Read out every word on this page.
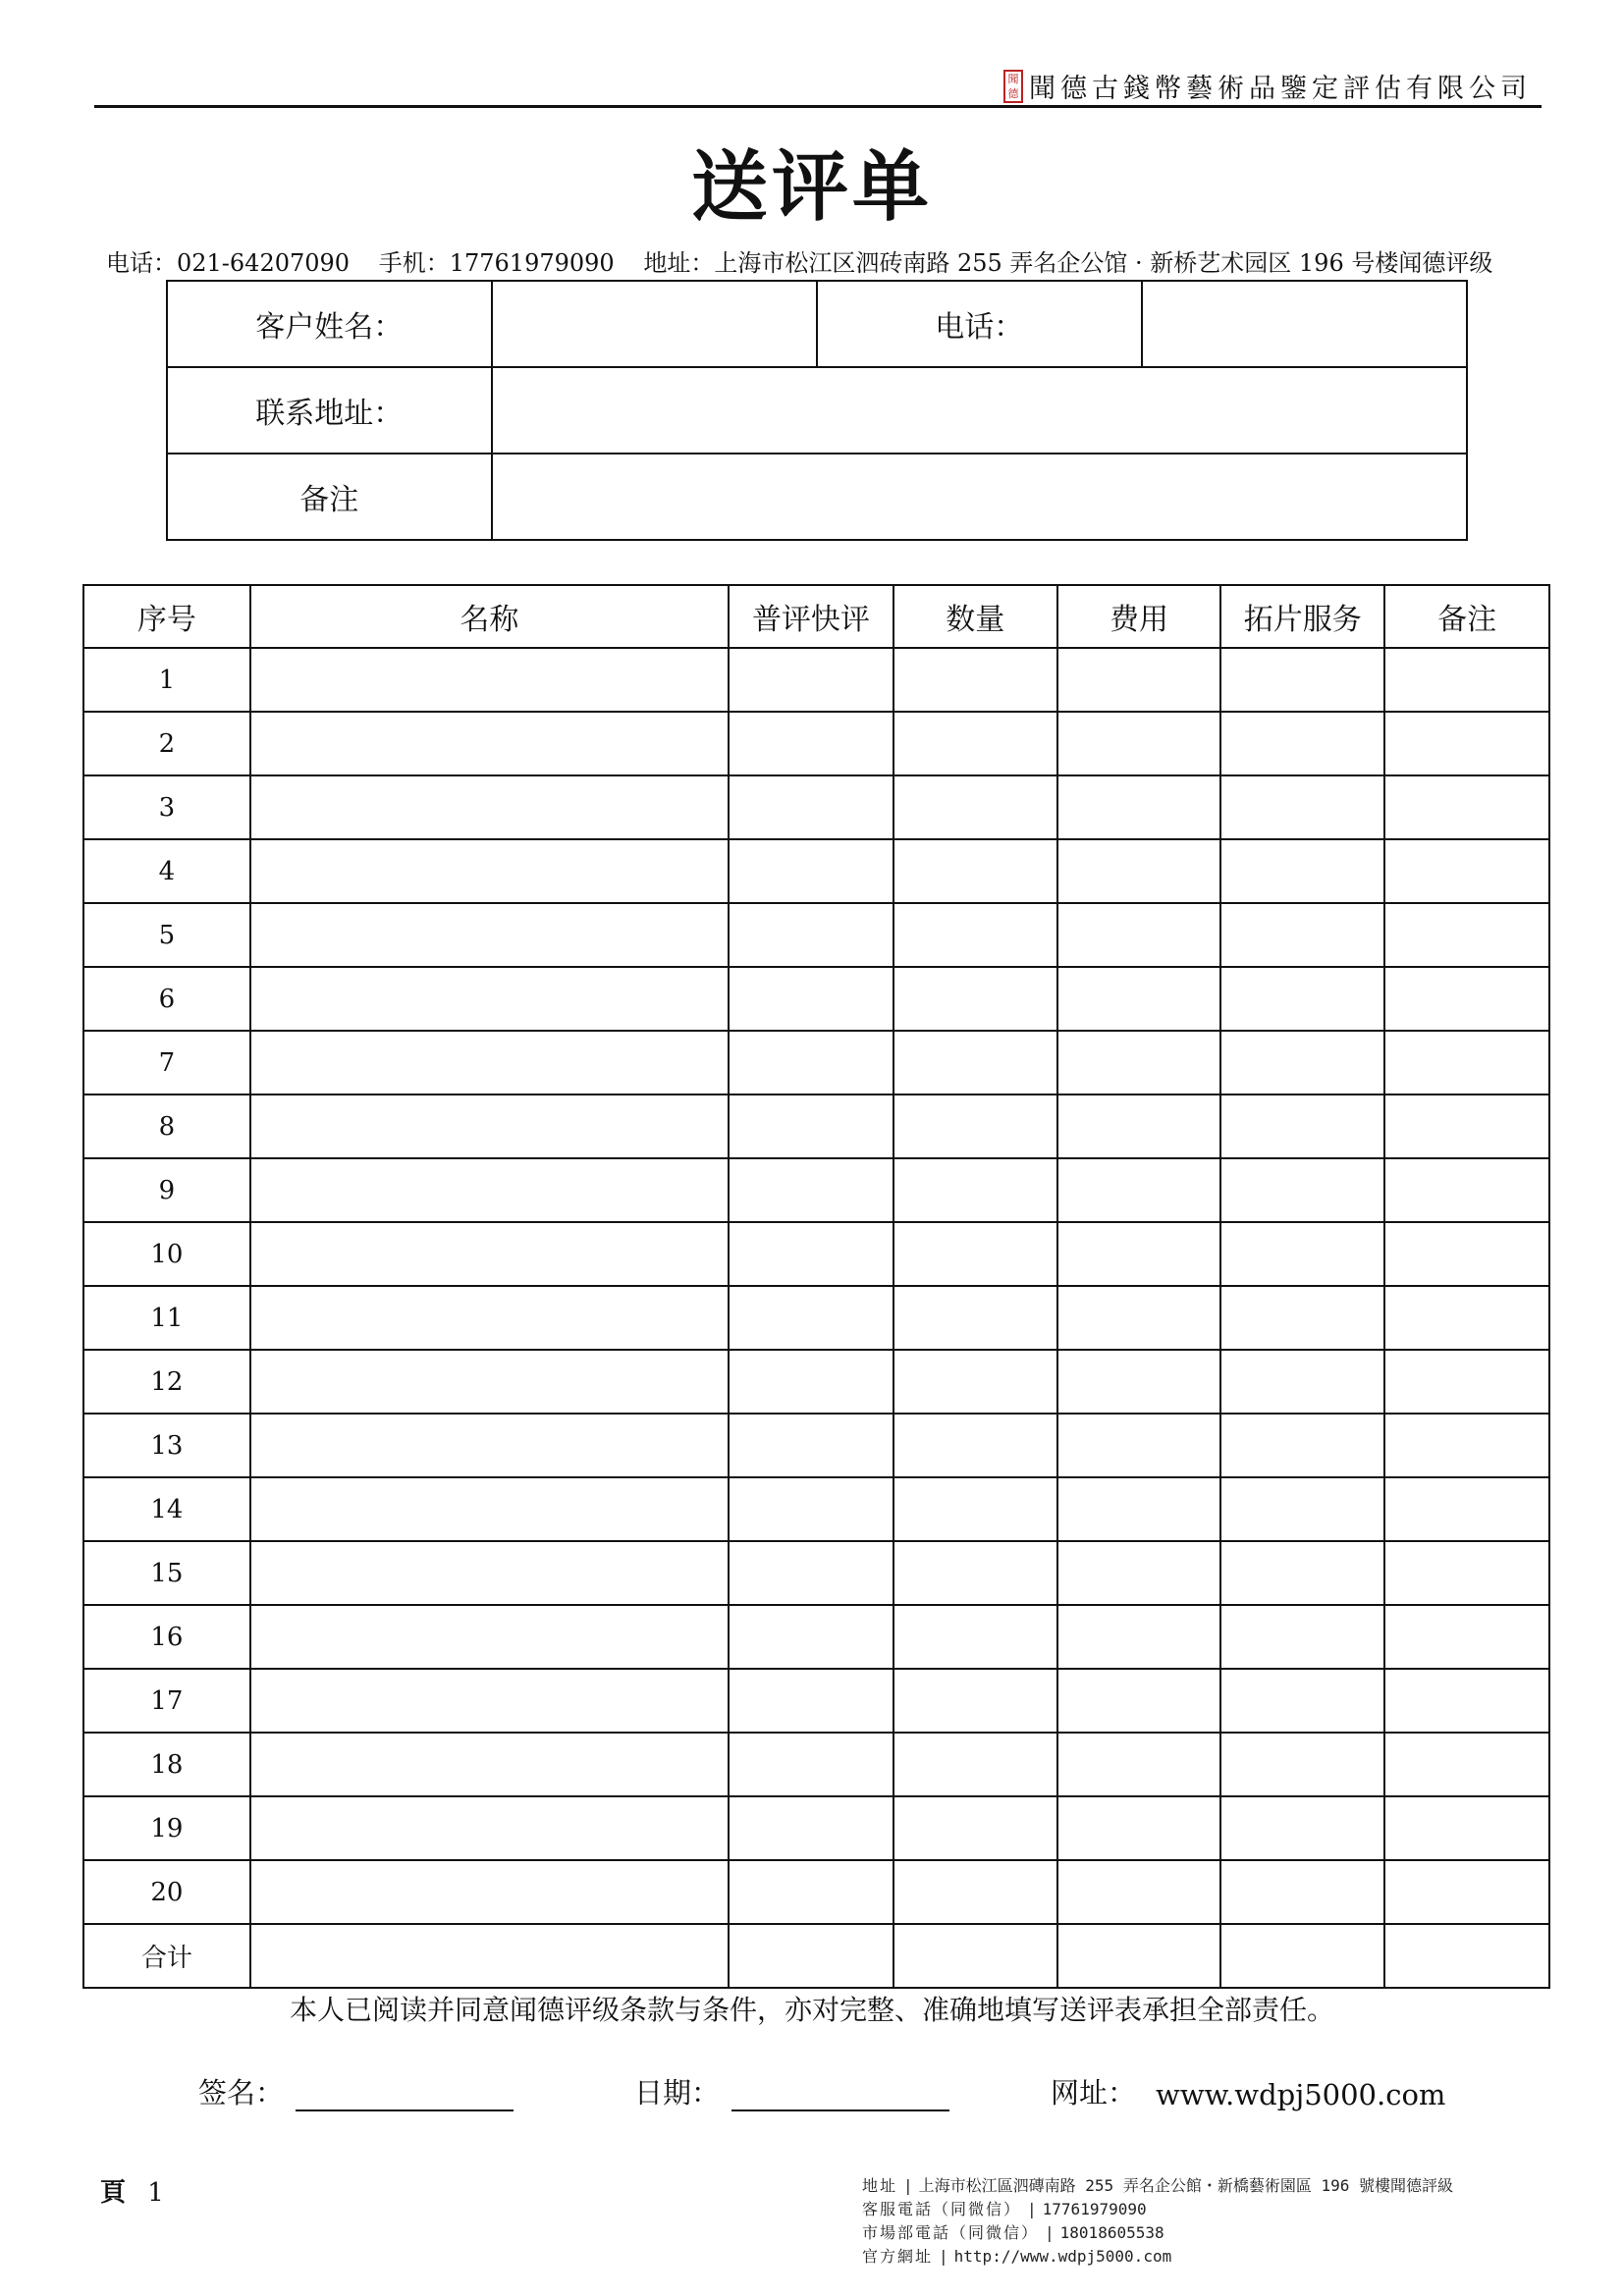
聞
德 聞德古錢幣藝術品鑒定評估有限公司
送评单
电话：021-64207090 手机：17761979090 地址：上海市松江区泗砖南路 255 弄名企公馆 · 新桥艺术园区 196 号楼闻德评级
客户姓名：		电话：	
联系地址：			
备注			
序号	名称	普评快评	数量	费用	拓片服务	备注
1						
2						
3						
4						
5						
6						
7						
8						
9						
10						
11						
12						
13						
14						
15						
16						
17						
18						
19						
20						
合计						
本人已阅读并同意闻德评级条款与条件，亦对完整、准确地填写送评表承担全部责任。
签名：	日期：	网址： www.wdpj5000.com
頁 1	地址 | 上海市松江區泗磚南路 255 弄名企公館・新橋藝術園區 196 號樓聞德評級
客服電話（同微信） | 17761979090
市場部電話（同微信） | 18018605538
官方網址 | http://www.wdpj5000.com
